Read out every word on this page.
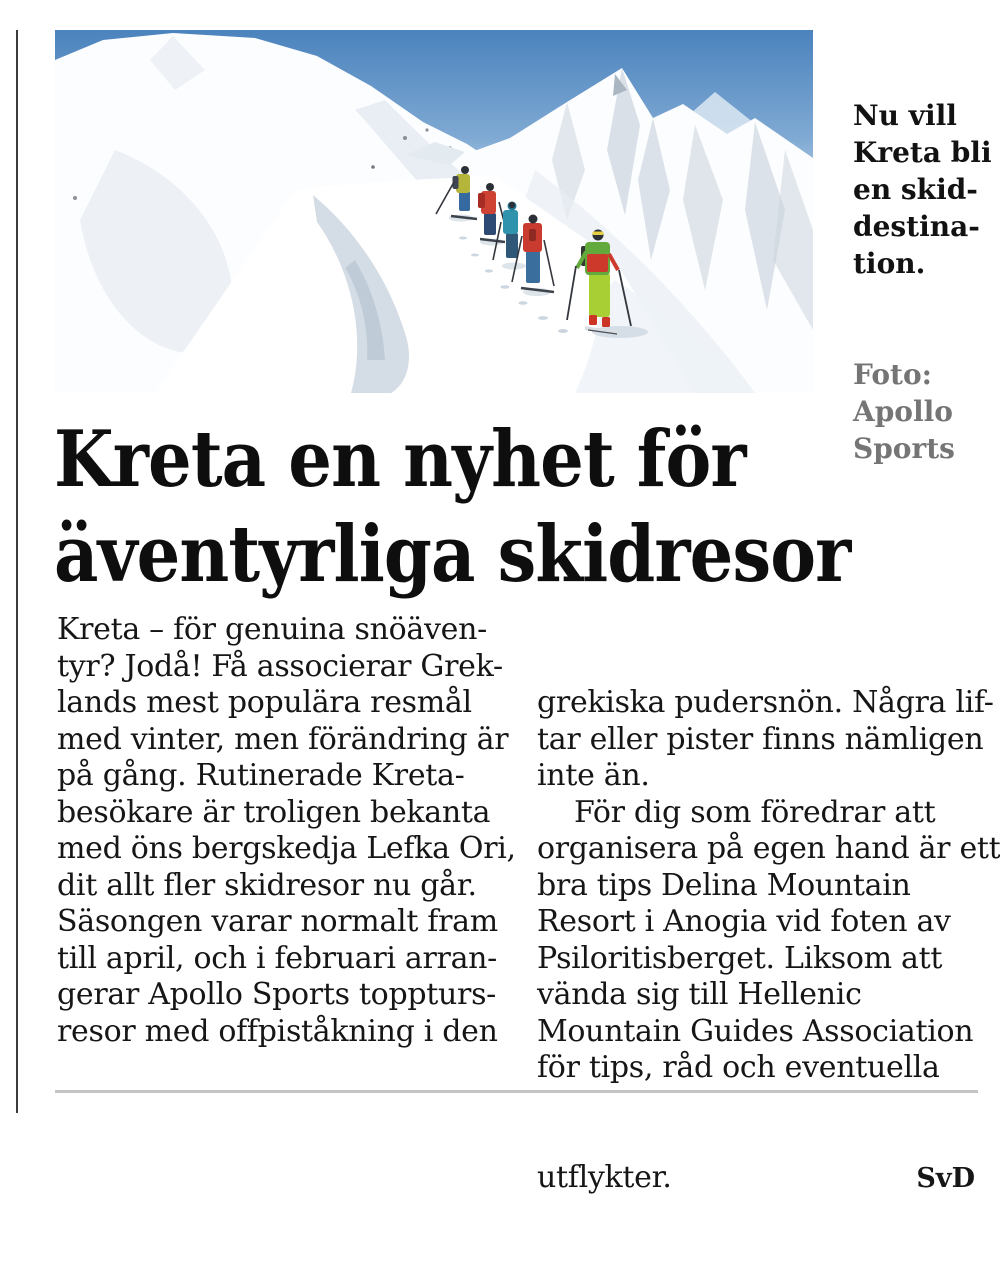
Nu vill
Kreta bli
en skid-
destina-
tion.

Foto:
Apollo
Sports

Kreta en nyhet för
äventyrliga skidresor
Kreta – för genuina snöäven-
tyr? Jodå! Få associerar Grek-
lands mest populära resmål
med vinter, men förändring är
på gång. Rutinerade Kreta-
besökare är troligen bekanta
med öns bergskedja Lefka Ori,
dit allt fler skidresor nu går.
Säsongen varar normalt fram
till april, och i februari arran-
gerar Apollo Sports toppturs-
resor med offpiståkning i den

grekiska pudersnön. Några lif-
tar eller pister finns nämligen
inte än.
För dig som föredrar att
organisera på egen hand är ett
bra tips Delina Mountain
Resort i Anogia vid foten av
Psiloritisberget. Liksom att
vända sig till Hellenic
Mountain Guides Association
för tips, råd och eventuella

utflykter.	SvD
